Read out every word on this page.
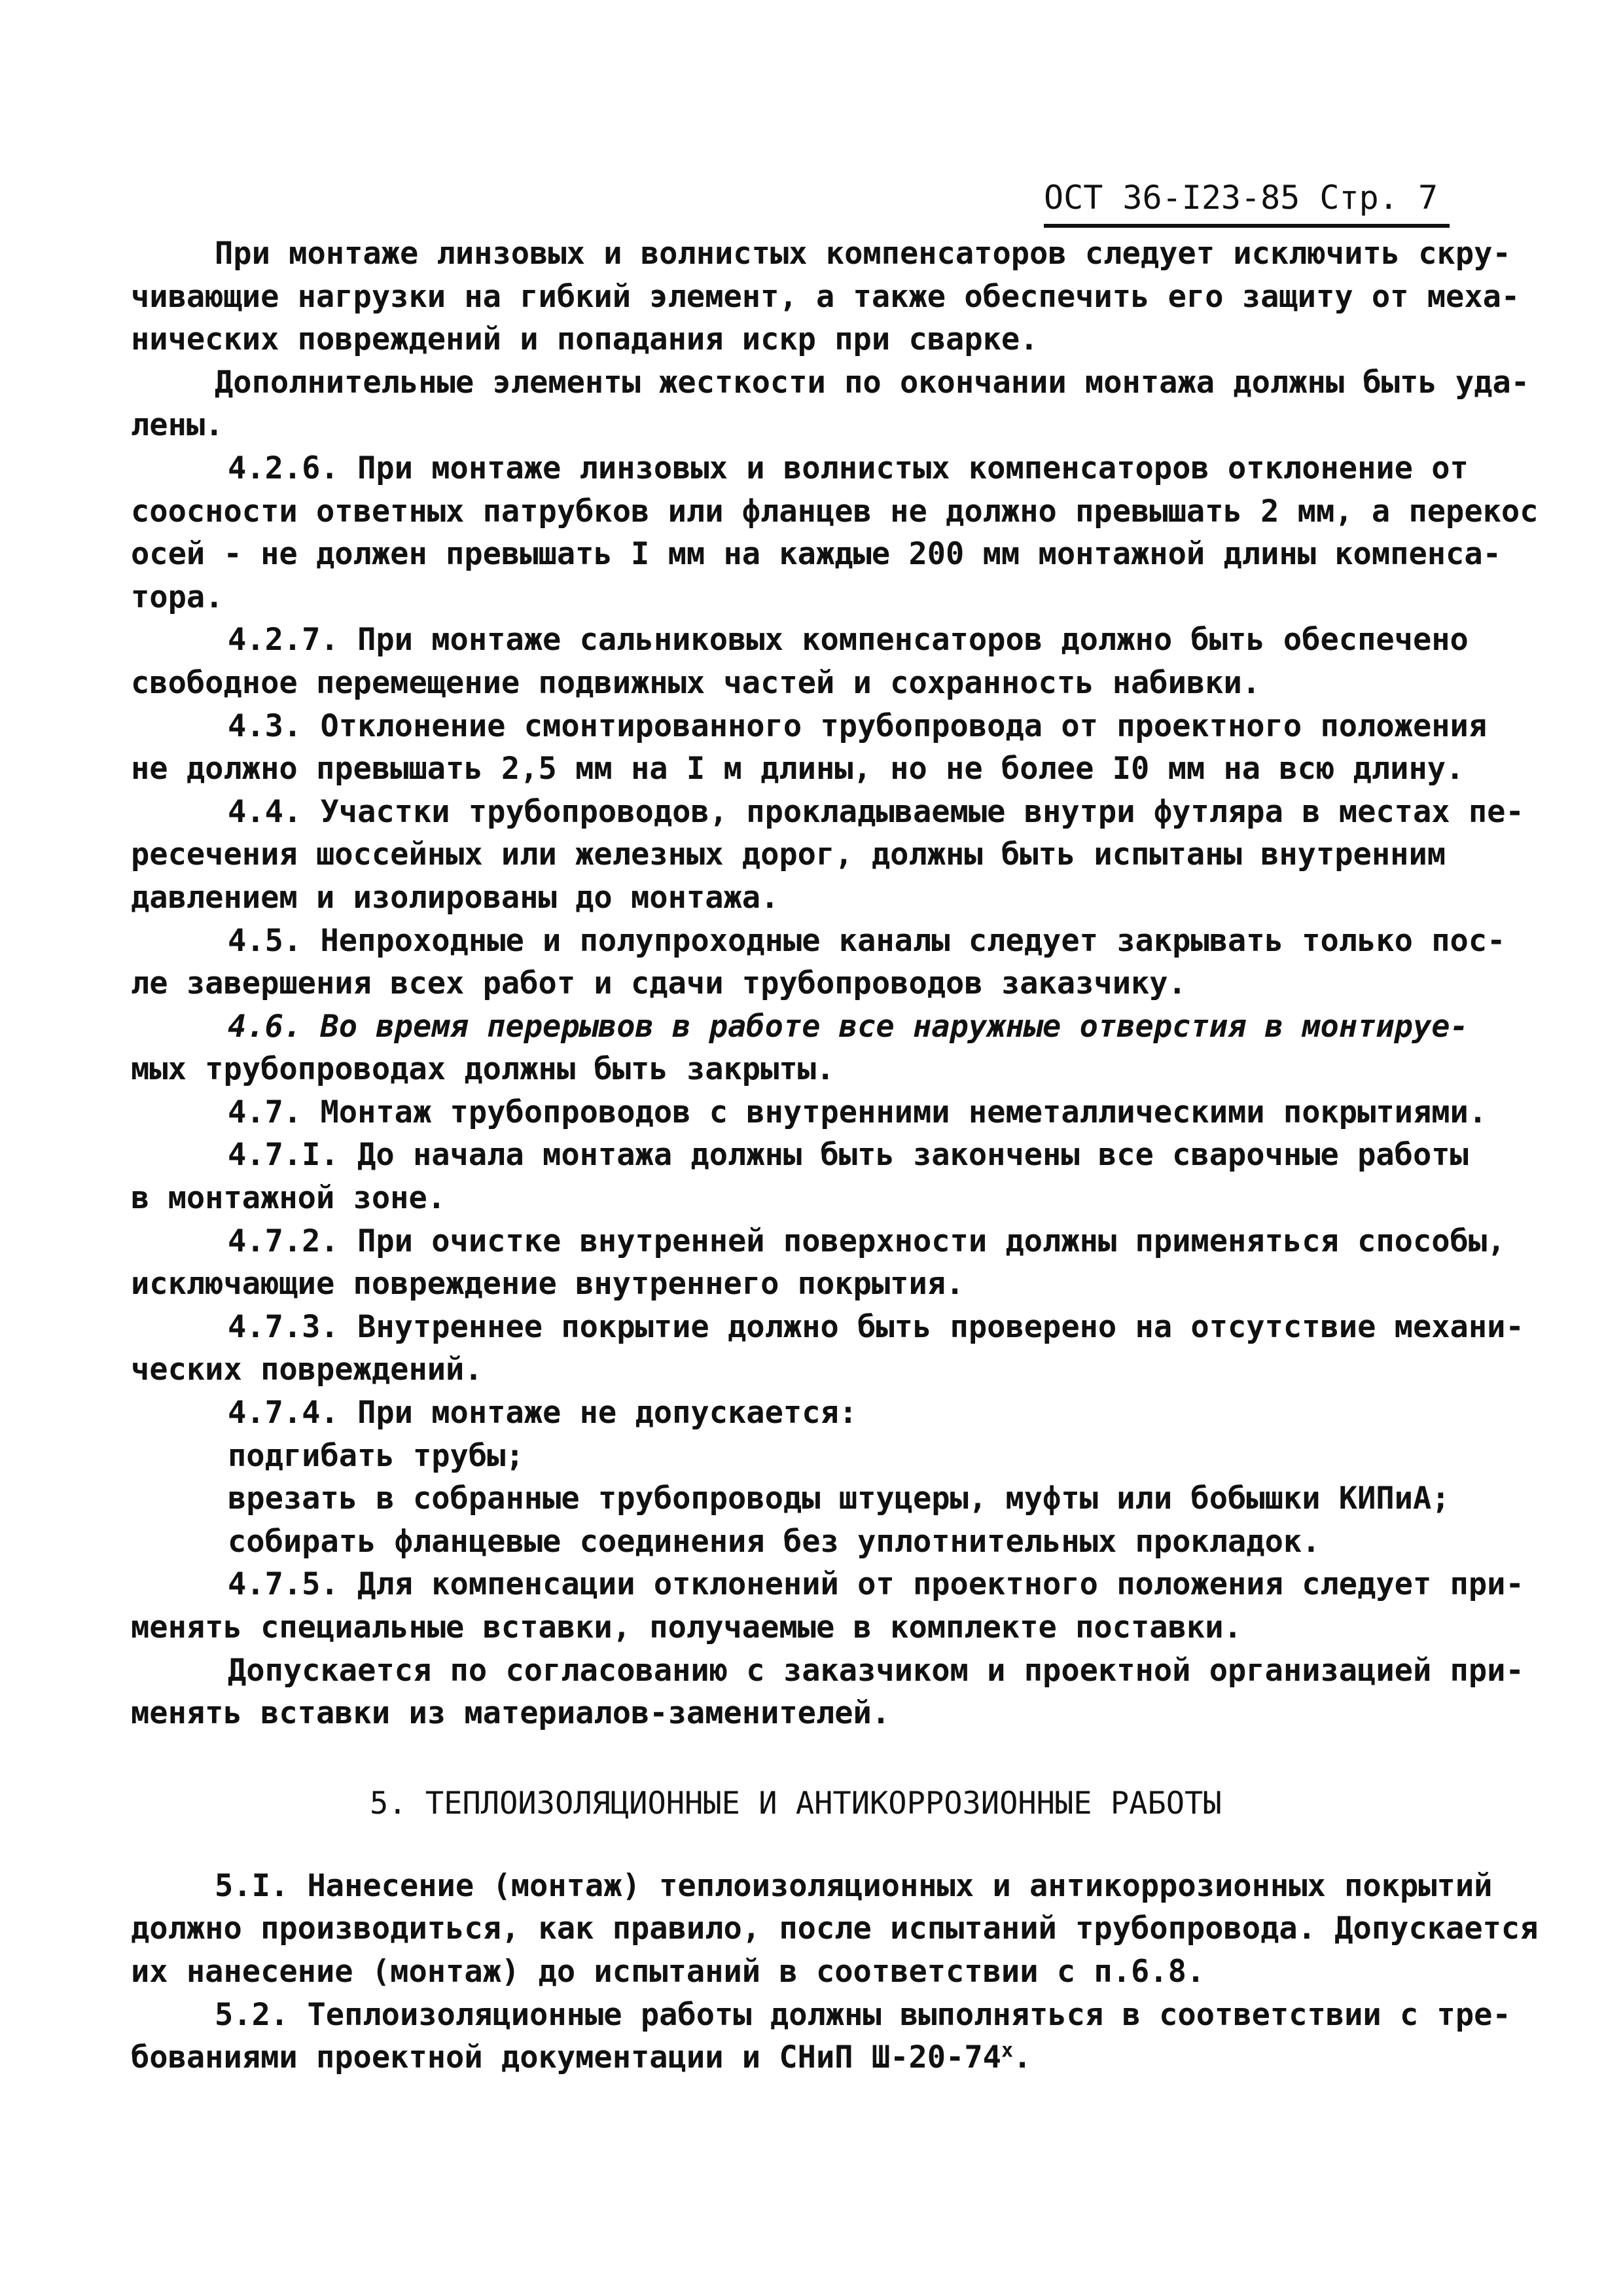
ОСТ 36-I23-85 Стр. 7
При монтаже линзовых и волнистых компенсаторов следует исключить скру-
чивающие нагрузки на гибкий элемент, а также обеспечить его защиту от меха-
нических повреждений и попадания искр при сварке.
Дополнительные элементы жесткости по окончании монтажа должны быть уда-
лены.
4.2.6. При монтаже линзовых и волнистых компенсаторов отклонение от
соосности ответных патрубков или фланцев не должно превышать 2 мм, а перекос
осей - не должен превышать I мм на каждые 200 мм монтажной длины компенса-
тора.
4.2.7. При монтаже сальниковых компенсаторов должно быть обеспечено
свободное перемещение подвижных частей и сохранность набивки.
4.3. Отклонение смонтированного трубопровода от проектного положения
не должно превышать 2,5 мм на I м длины, но не более I0 мм на всю длину.
4.4. Участки трубопроводов, прокладываемые внутри футляра в местах пе-
ресечения шоссейных или железных дорог, должны быть испытаны внутренним
давлением и изолированы до монтажа.
4.5. Непроходные и полупроходные каналы следует закрывать только пос-
ле завершения всех работ и сдачи трубопроводов заказчику.
4.6. Во время перерывов в работе все наружные отверстия в монтируе-
мых трубопроводах должны быть закрыты.
4.7. Монтаж трубопроводов с внутренними неметаллическими покрытиями.
4.7.I. До начала монтажа должны быть закончены все сварочные работы
в монтажной зоне.
4.7.2. При очистке внутренней поверхности должны применяться способы,
исключающие повреждение внутреннего покрытия.
4.7.3. Внутреннее покрытие должно быть проверено на отсутствие механи-
ческих повреждений.
4.7.4. При монтаже не допускается:
подгибать трубы;
врезать в собранные трубопроводы штуцеры, муфты или бобышки КИПиА;
собирать фланцевые соединения без уплотнительных прокладок.
4.7.5. Для компенсации отклонений от проектного положения следует при-
менять специальные вставки, получаемые в комплекте поставки.
Допускается по согласованию с заказчиком и проектной организацией при-
менять вставки из материалов-заменителей.
5. ТЕПЛОИЗОЛЯЦИОННЫЕ И АНТИКОРРОЗИОННЫЕ РАБОТЫ
5.I. Нанесение (монтаж) теплоизоляционных и антикоррозионных покрытий
должно производиться, как правило, после испытаний трубопровода. Допускается
их нанесение (монтаж) до испытаний в соответствии с п.6.8.
5.2. Теплоизоляционные работы должны выполняться в соответствии с тре-
бованиями проектной документации и СНиП Ш-20-74$^x$.
